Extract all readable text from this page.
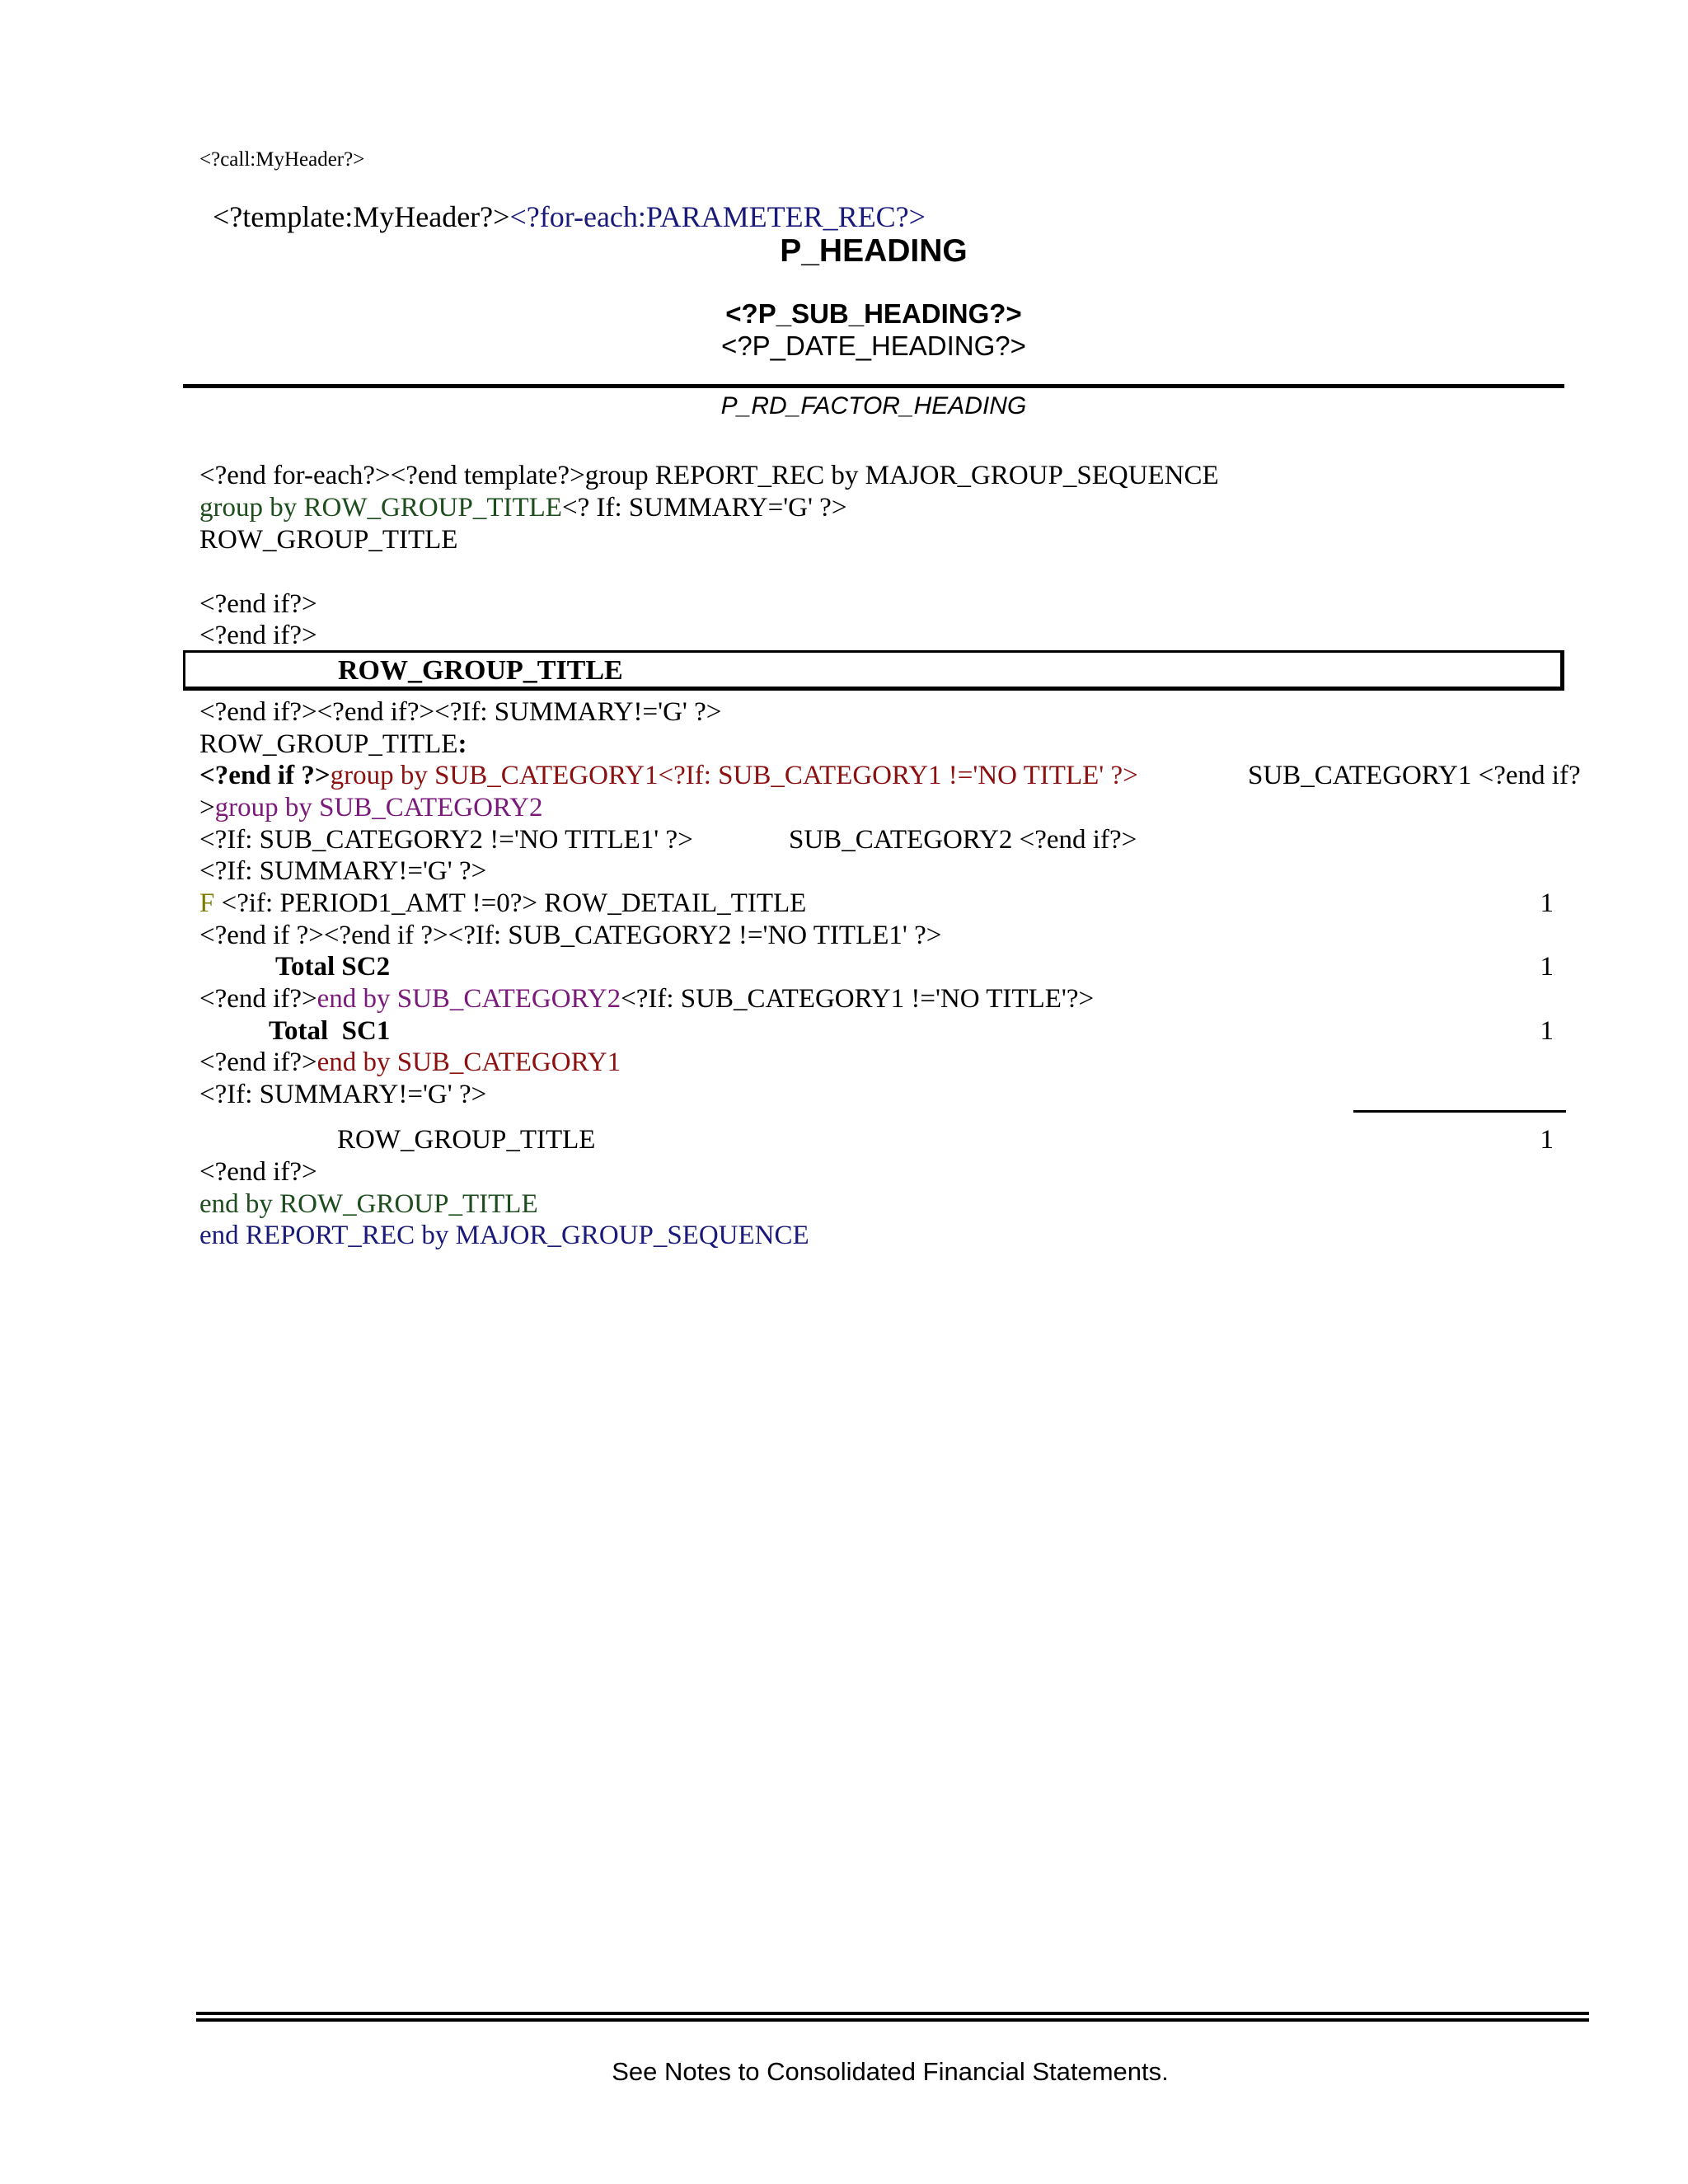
<?call:MyHeader?>
<?template:MyHeader?><?for-each:PARAMETER_REC?>
P_HEADING
<?P_SUB_HEADING?>
<?P_DATE_HEADING?>
P_RD_FACTOR_HEADING
<?end for-each?><?end template?>group REPORT_REC by MAJOR_GROUP_SEQUENCE
group by ROW_GROUP_TITLE<? If: SUMMARY='G' ?>
ROW_GROUP_TITLE
<?end if?>
<?end if?>
ROW_GROUP_TITLE
<?end if?><?end if?><?If: SUMMARY!='G' ?>
ROW_GROUP_TITLE:
<?end if ?>group by SUB_CATEGORY1<?If: SUB_CATEGORY1 !='NO TITLE' ?>	SUB_CATEGORY1 <?end if?
>group by SUB_CATEGORY2
<?If: SUB_CATEGORY2 !='NO TITLE1' ?>	SUB_CATEGORY2 <?end if?>
<?If: SUMMARY!='G' ?>
F <?if: PERIOD1_AMT !=0?> ROW_DETAIL_TITLE	1
<?end if ?><?end if ?><?If: SUB_CATEGORY2 !='NO TITLE1' ?>
Total SC2	1
<?end if?>end by SUB_CATEGORY2<?If: SUB_CATEGORY1 !='NO TITLE'?>
Total  SC1	1
<?end if?>end by SUB_CATEGORY1
<?If: SUMMARY!='G' ?>
ROW_GROUP_TITLE	1
<?end if?>
end by ROW_GROUP_TITLE
end REPORT_REC by MAJOR_GROUP_SEQUENCE
See Notes to Consolidated Financial Statements.
